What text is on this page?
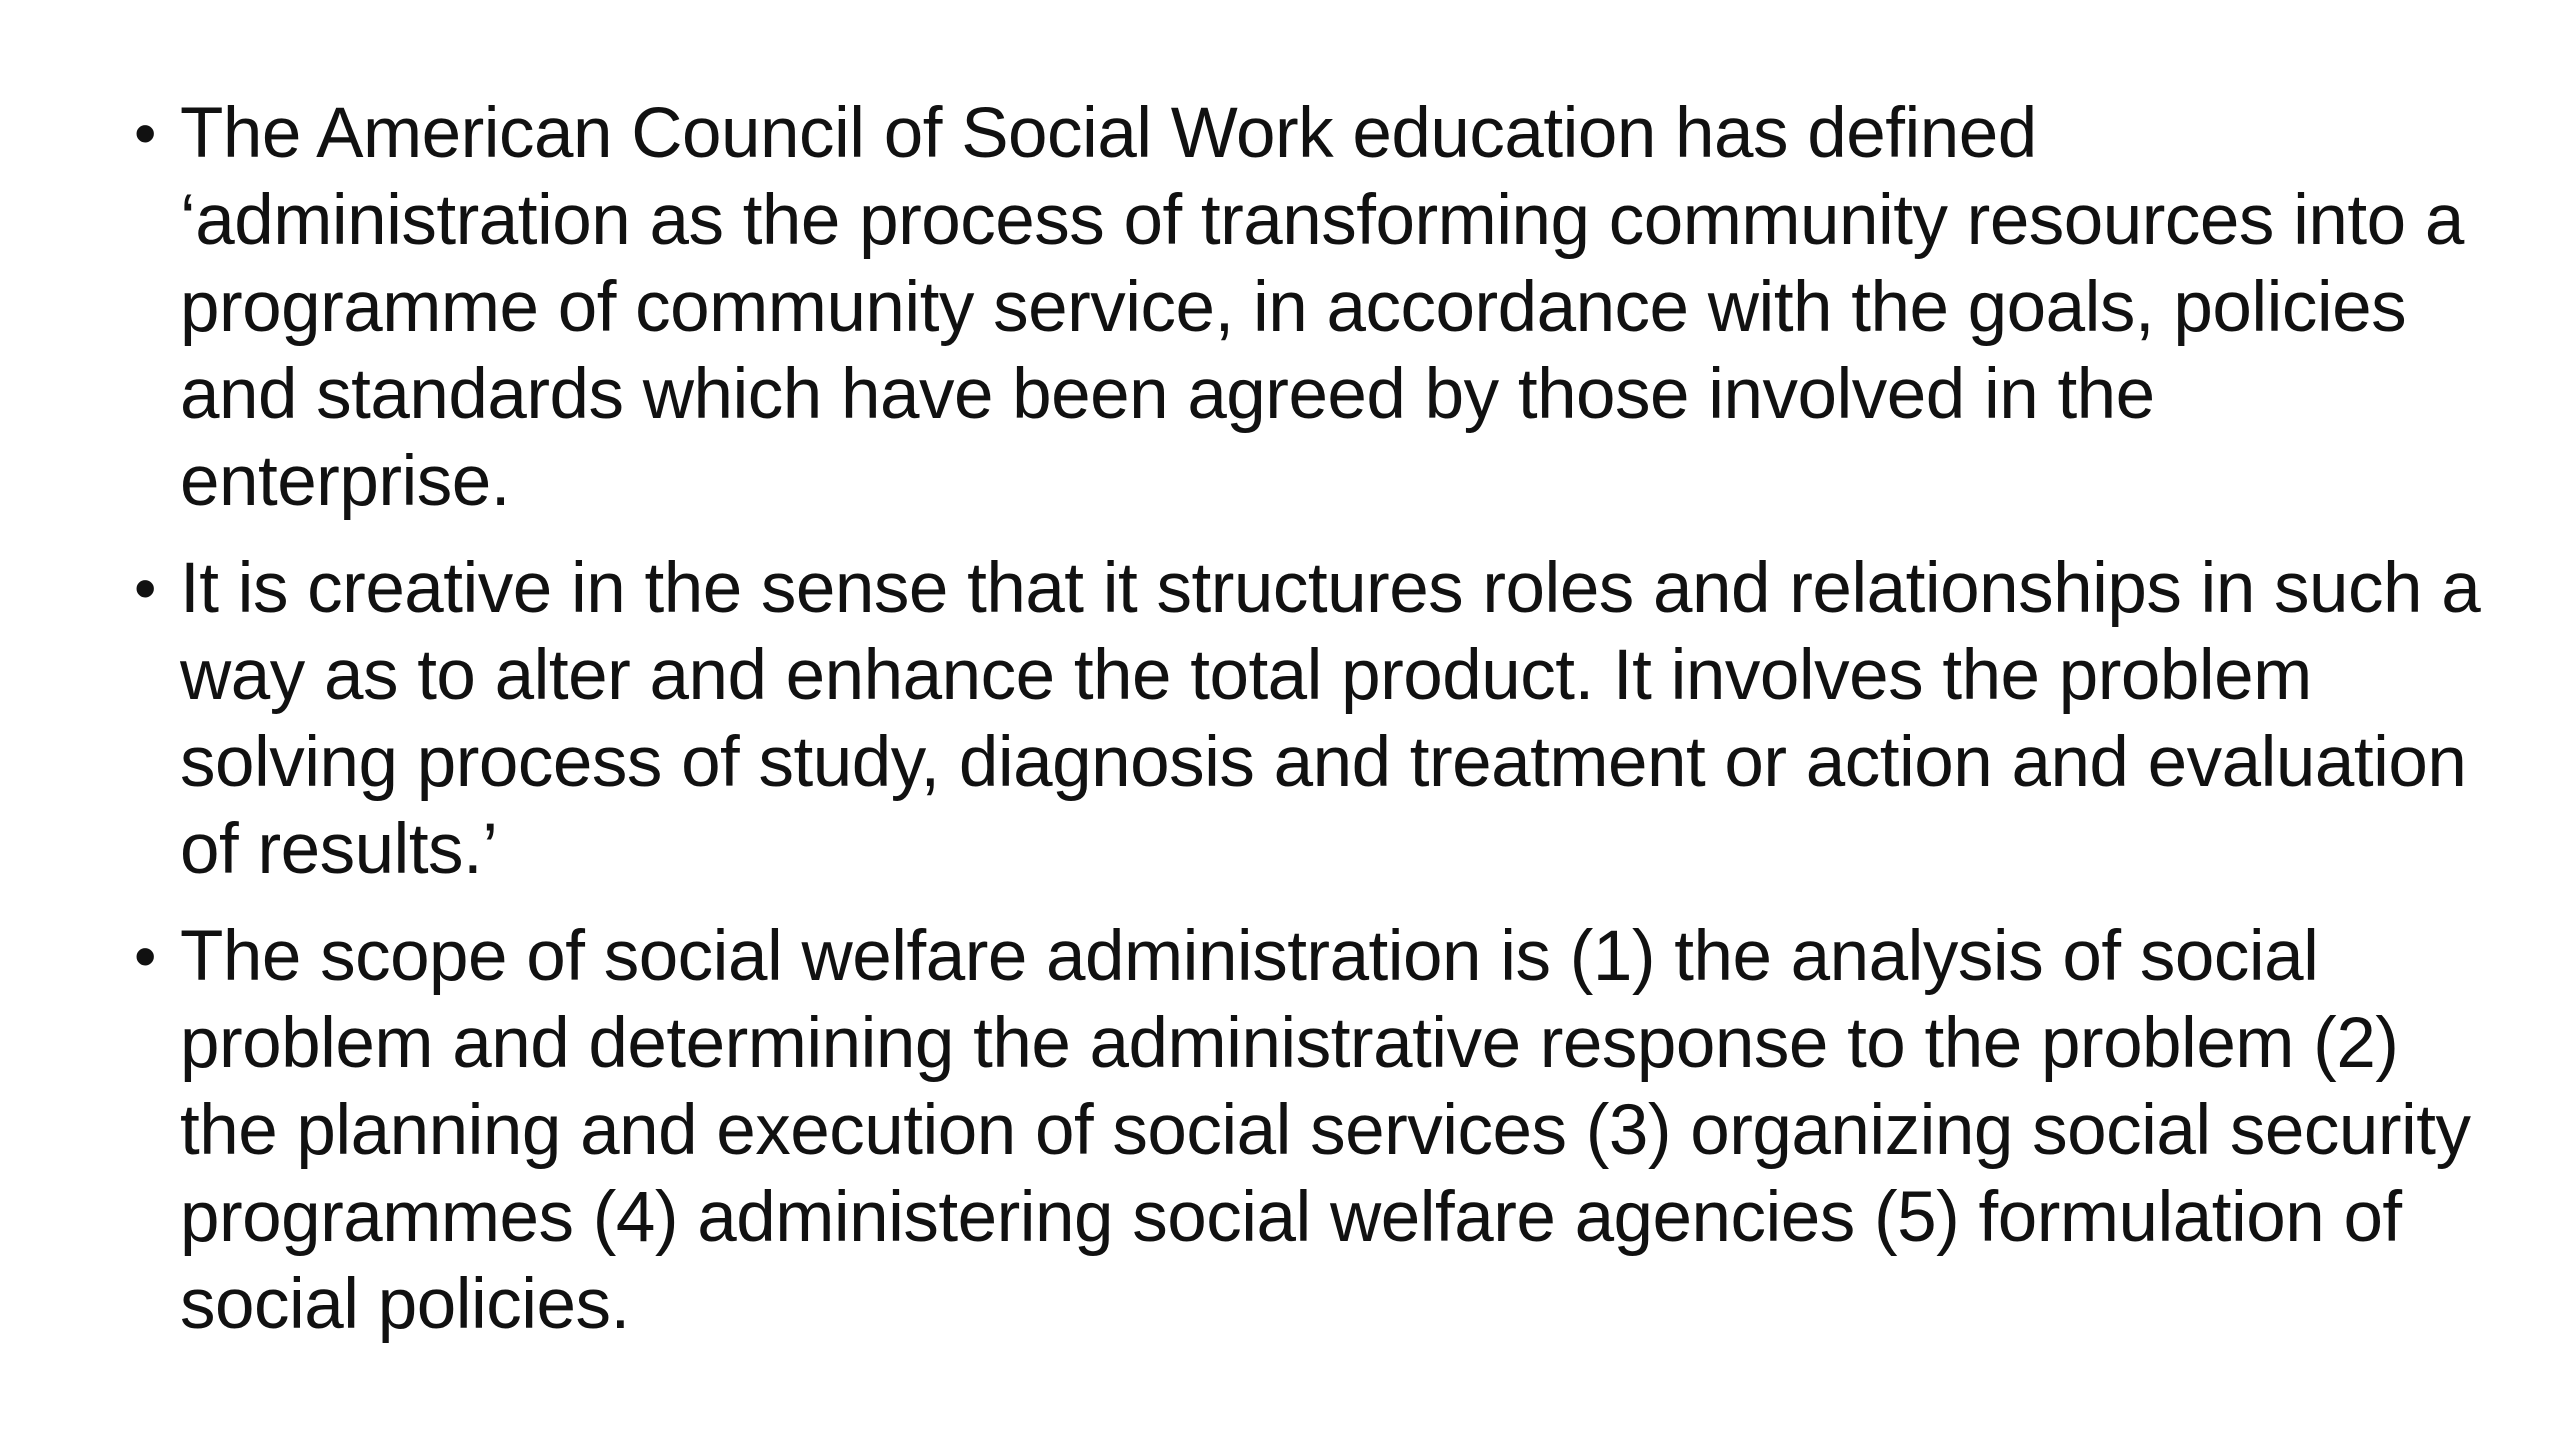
• The American Council of Social Work education has defined ‘administration as the process of transforming community resources into a programme of community service, in accordance with the goals, policies and standards which have been agreed by those involved in the enterprise.
• It is creative in the sense that it structures roles and relationships in such a way as to alter and enhance the total product. It involves the problem solving process of study, diagnosis and treatment or action and evaluation of results.’
• The scope of social welfare administration is (1) the analysis of social problem and determining the administrative response to the problem (2) the planning and execution of social services (3) organizing social security programmes (4) administering social welfare agencies (5) formulation of social policies.
